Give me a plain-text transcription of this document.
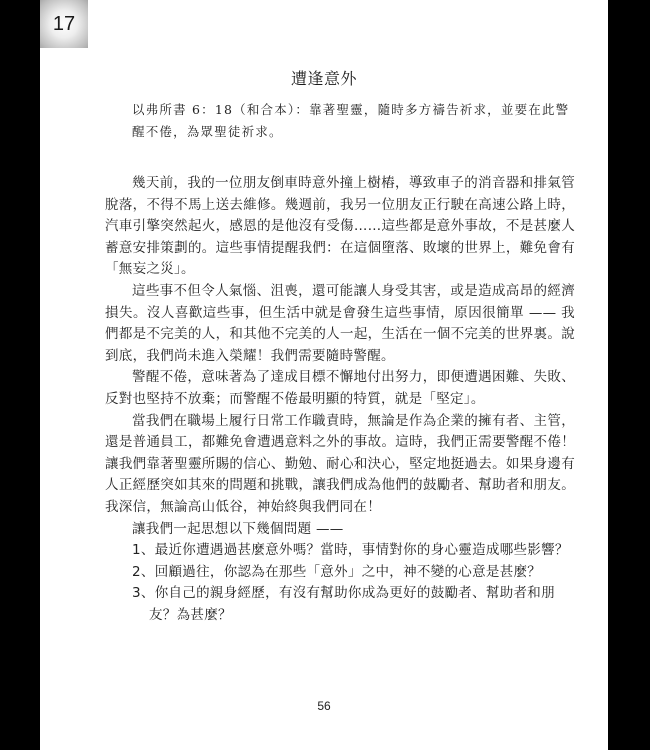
17
遭逢意外
以弗所書 6：18（和合本）：靠著聖靈，隨時多方禱告祈求，並要在此警醒不倦，為眾聖徒祈求。

幾天前，我的一位朋友倒車時意外撞上樹樁，導致車子的消音器和排氣管脫落，不得不馬上送去維修。幾週前，我另一位朋友正行駛在高速公路上時，汽車引擎突然起火，感恩的是他沒有受傷……這些都是意外事故，不是甚麼人蓄意安排策劃的。這些事情提醒我們：在這個墮落、敗壞的世界上，難免會有「無妄之災」。

這些事不但令人氣惱、沮喪，還可能讓人身受其害，或是造成高昂的經濟損失。沒人喜歡這些事，但生活中就是會發生這些事情，原因很簡單 —— 我們都是不完美的人，和其他不完美的人一起，生活在一個不完美的世界裏。說到底，我們尚未進入榮耀！我們需要隨時警醒。

警醒不倦，意味著為了達成目標不懈地付出努力，即便遭遇困難、失敗、反對也堅持不放棄；而警醒不倦最明顯的特質，就是「堅定」。

當我們在職場上履行日常工作職責時，無論是作為企業的擁有者、主管，還是普通員工，都難免會遭遇意料之外的事故。這時，我們正需要警醒不倦！讓我們靠著聖靈所賜的信心、勤勉、耐心和決心，堅定地挺過去。如果身邊有人正經歷突如其來的問題和挑戰，讓我們成為他們的鼓勵者、幫助者和朋友。我深信，無論高山低谷，神始終與我們同在！

讓我們一起思想以下幾個問題 ——

1、最近你遭遇過甚麼意外嗎？當時，事情對你的身心靈造成哪些影響？
2、回顧過往，你認為在那些「意外」之中，神不變的心意是甚麼？
3、你自己的親身經歷，有沒有幫助你成為更好的鼓勵者、幫助者和朋友？為甚麼？
56
